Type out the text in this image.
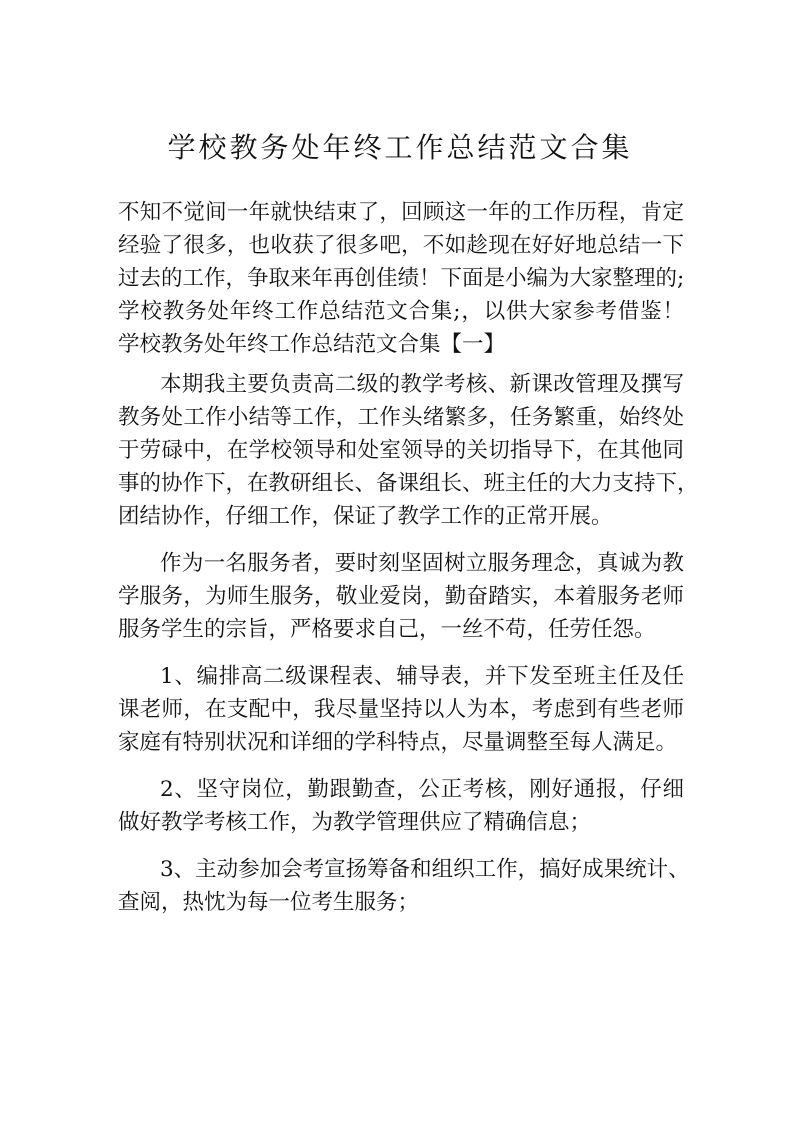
学校教务处年终工作总结范文合集
不知不觉间一年就快结束了，回顾这一年的工作历程，肯定
经验了很多，也收获了很多吧，不如趁现在好好地总结一下
过去的工作，争取来年再创佳绩！下面是小编为大家整理的;
学校教务处年终工作总结范文合集;，以供大家参考借鉴！
学校教务处年终工作总结范文合集【一】
本期我主要负责高二级的教学考核、新课改管理及撰写
教务处工作小结等工作，工作头绪繁多，任务繁重，始终处
于劳碌中，在学校领导和处室领导的关切指导下，在其他同
事的协作下，在教研组长、备课组长、班主任的大力支持下，
团结协作，仔细工作，保证了教学工作的正常开展。
作为一名服务者，要时刻坚固树立服务理念，真诚为教
学服务，为师生服务，敬业爱岗，勤奋踏实，本着服务老师
服务学生的宗旨，严格要求自己，一丝不苟，任劳任怨。
1、编排高二级课程表、辅导表，并下发至班主任及任
课老师，在支配中，我尽量坚持以人为本，考虑到有些老师
家庭有特别状况和详细的学科特点，尽量调整至每人满足。
2、坚守岗位，勤跟勤查，公正考核，刚好通报，仔细
做好教学考核工作，为教学管理供应了精确信息；
3、主动参加会考宣扬筹备和组织工作，搞好成果统计、
查阅，热忱为每一位考生服务；
